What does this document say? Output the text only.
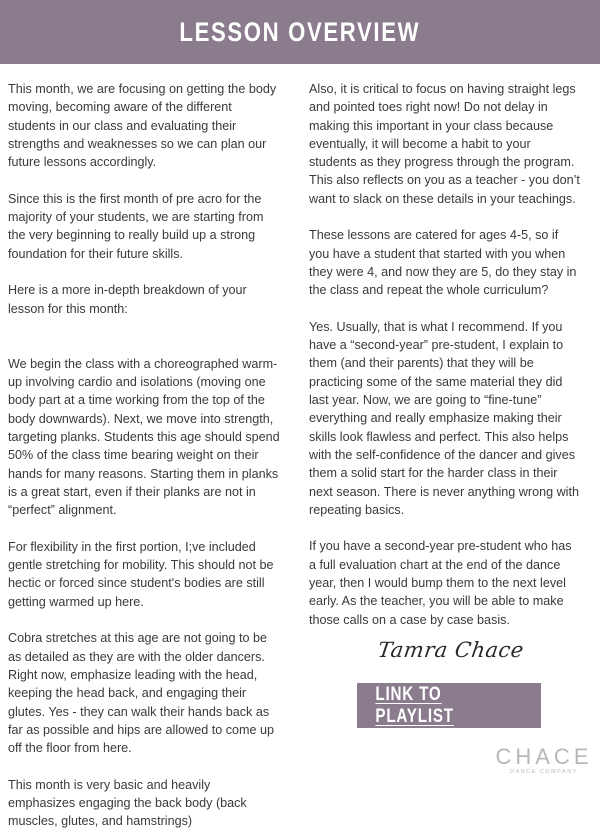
LESSON OVERVIEW

This month, we are focusing on getting the body moving, becoming aware of the different students in our class and evaluating their strengths and weaknesses so we can plan our future lessons accordingly.

Since this is the first month of pre acro for the majority of your students, we are starting from the very beginning to really build up a strong foundation for their future skills.

Here is a more in-depth breakdown of your lesson for this month:

We begin the class with a choreographed warm-up involving cardio and isolations (moving one body part at a time working from the top of the body downwards). Next, we move into strength, targeting planks. Students this age should spend 50% of the class time bearing weight on their hands for many reasons. Starting them in planks is a great start, even if their planks are not in “perfect” alignment.

For flexibility in the first portion, I;ve included gentle stretching for mobility. This should not be hectic or forced since student's bodies are still getting warmed up here.

Cobra stretches at this age are not going to be as detailed as they are with the older dancers. Right now, emphasize leading with the head, keeping the head back, and engaging their glutes. Yes - they can walk their hands back as far as possible and hips are allowed to come up off the floor from here.

This month is very basic and heavily emphasizes engaging the back body (back muscles, glutes, and hamstrings)

Also, it is critical to focus on having straight legs and pointed toes right now! Do not delay in making this important in your class because eventually, it will become a habit to your students as they progress through the program. This also reflects on you as a teacher - you don’t want to slack on these details in your teachings.

These lessons are catered for ages 4-5, so if you have a student that started with you when they were 4, and now they are 5, do they stay in the class and repeat the whole curriculum?

Yes. Usually, that is what I recommend. If you have a “second-year” pre-student, I explain to them (and their parents) that they will be practicing some of the same material they did last year. Now, we are going to “fine-tune” everything and really emphasize making their skills look flawless and perfect. This also helps with the self-confidence of the dancer and gives them a solid start for the harder class in their next season. There is never anything wrong with repeating basics.

If you have a second-year pre-student who has a full evaluation chart at the end of the dance year, then I would bump them to the next level early. As the teacher, you will be able to make those calls on a case by case basis.

Tamra Chace
LINK TO PLAYLIST
CHACE
DANCE COMPANY
